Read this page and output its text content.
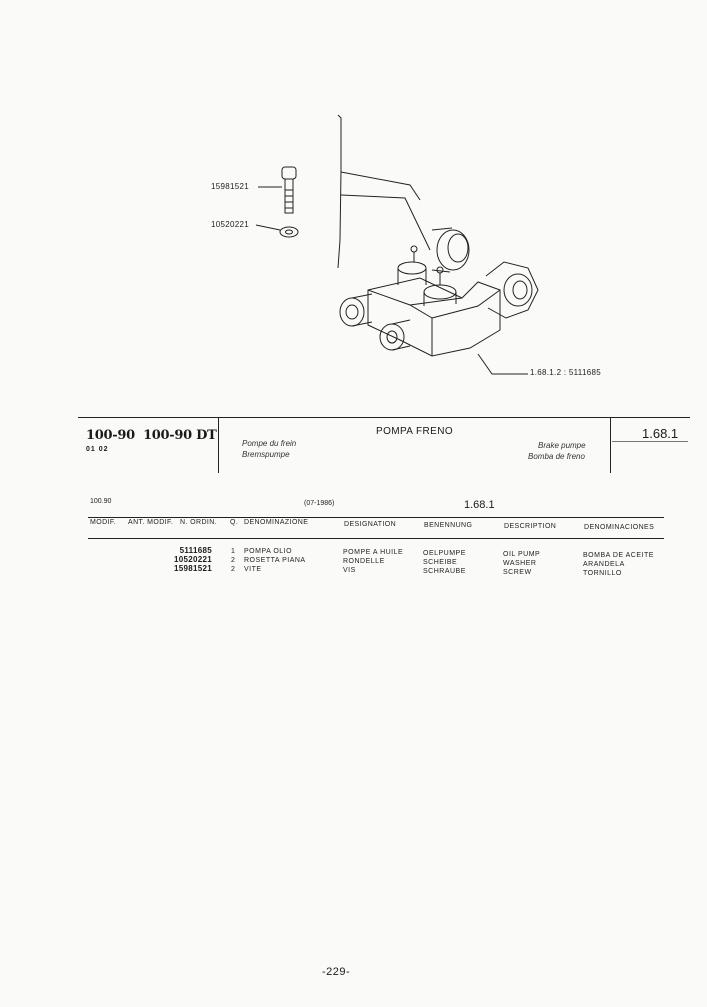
15981521
10520221
1.68.1.2 : 5111685
100-90 100-90 DT
01 02
POMPA FRENO
Pompe du frein
Bremspumpe
Brake pumpe
Bomba de freno
1.68.1
100.90	(07-1986)	1.68.1
MODIF. ANT. MODIF. N. ORDIN. Q. DENOMINAZIONE	DESIGNATION	BENENNUNG	DESCRIPTION	DENOMINACIONES
5111685	1 POMPA OLIO	POMPE A HUILE	OELPUMPE	OIL PUMP	BOMBA DE ACEITE
10520221	2 ROSETTA PIANA	RONDELLE	SCHEIBE	WASHER	ARANDELA
15981521	2 VITE	VIS	SCHRAUBE	SCREW	TORNILLO
-229-
